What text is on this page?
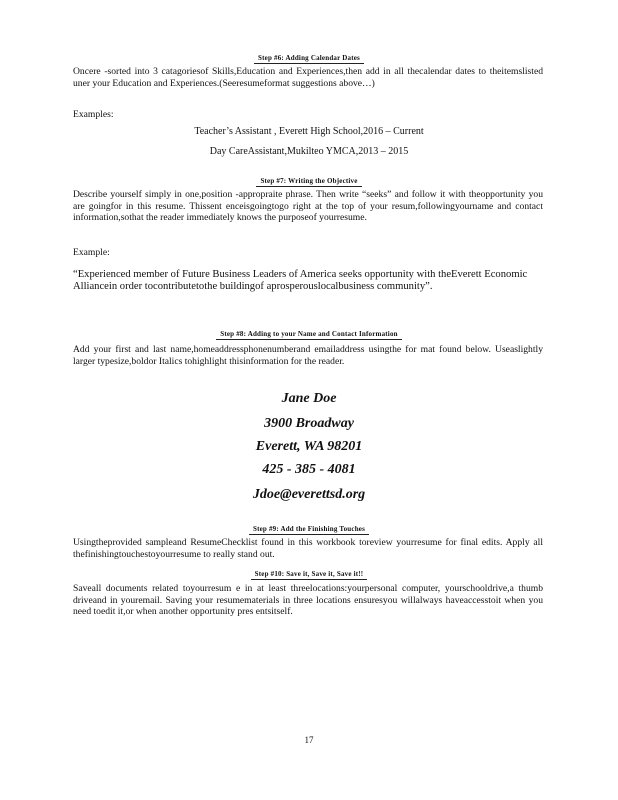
Step #6: Adding Calendar Dates
Oncere -sorted into 3 catagoriesof Skills,Education and Experiences,then add in all thecalendar dates to theitemslisted uner your Education and Experiences.(Seeresumeformat suggestions above…)
Examples:
Teacher’s Assistant , Everett High School,2016 – Current
Day CareAssistant,Mukilteo YMCA,2013 – 2015
Step #7: Writing the Objective
Describe yourself simply in one,position -appropraite phrase. Then write “seeks” and follow it with theopportunity you are goingfor in this resume. Thissent enceisgoingtogo right at the top of your resum,followingyourname and contact information,sothat the reader immediately knows the purposeof yourresume.
Example:
“Experienced member of Future Business Leaders of America seeks opportunity with theEverett Economic Alliancein order tocontributetothe buildingof aprosperouslocalbusiness community”.
Step #8: Adding to your Name and Contact Information
Add your first and last name,homeaddressphonenumberand emailaddress usingthe for mat found below. Useaslightly larger typesize,boldor Italics tohighlight thisinformation for the reader.
Jane Doe
3900 Broadway
Everett, WA 98201
425 - 385 - 4081
Jdoe@everettsd.org
Step #9: Add the Finishing Touches
Usingtheprovided sampleand ResumeChecklist found in this workbook toreview yourresume for final edits. Apply all thefinishingtouchestoyourresume to really stand out.
Step #10: Save it, Save it, Save it!!
Saveall documents related toyourresum e in at least threelocations:yourpersonal computer, yourschooldrive,a thumb driveand in youremail. Saving your resumematerials in three locations ensuresyou willalways haveaccesstoit when you need toedit it,or when another opportunity pres entsitself.
17
